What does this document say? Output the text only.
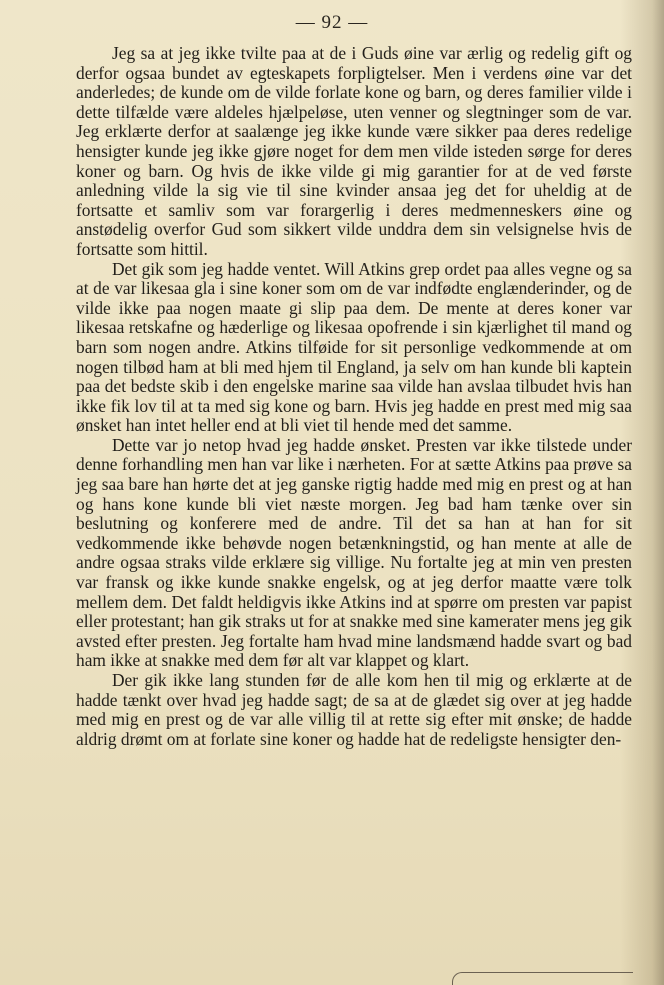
— 92 —

Jeg sa at jeg ikke tvilte paa at de i Guds øine var ærlig og redelig gift og derfor ogsaa bundet av egteskapets forpligtelser. Men i verdens øine var det anderledes; de kunde om de vilde forlate kone og barn, og deres familier vilde i dette tilfælde være aldeles hjælpeløse, uten venner og slegtninger som de var. Jeg erklærte derfor at saalænge jeg ikke kunde være sikker paa deres redelige hensigter kunde jeg ikke gjøre noget for dem men vilde isteden sørge for deres koner og barn. Og hvis de ikke vilde gi mig garantier for at de ved første anledning vilde la sig vie til sine kvinder ansaa jeg det for uheldig at de fortsatte et samliv som var forargerlig i deres medmenneskers øine og anstødelig overfor Gud som sikkert vilde unddra dem sin velsignelse hvis de fortsatte som hittil.

Det gik som jeg hadde ventet. Will Atkins grep ordet paa alles vegne og sa at de var likesaa gla i sine koner som om de var indfødte englænderinder, og de vilde ikke paa nogen maate gi slip paa dem. De mente at deres koner var likesaa retskafne og hæderlige og likesaa opofrende i sin kjærlighet til mand og barn som nogen andre. Atkins tilføide for sit personlige vedkommende at om nogen tilbød ham at bli med hjem til England, ja selv om han kunde bli kaptein paa det bedste skib i den engelske marine saa vilde han avslaa tilbudet hvis han ikke fik lov til at ta med sig kone og barn. Hvis jeg hadde en prest med mig saa ønsket han intet heller end at bli viet til hende med det samme.

Dette var jo netop hvad jeg hadde ønsket. Presten var ikke tilstede under denne forhandling men han var like i nærheten. For at sætte Atkins paa prøve sa jeg saa bare han hørte det at jeg ganske rigtig hadde med mig en prest og at han og hans kone kunde bli viet næste morgen. Jeg bad ham tænke over sin beslutning og konferere med de andre. Til det sa han at han for sit vedkommende ikke behøvde nogen betænkningstid, og han mente at alle de andre ogsaa straks vilde erklære sig villige. Nu fortalte jeg at min ven presten var fransk og ikke kunde snakke engelsk, og at jeg derfor maatte være tolk mellem dem. Det faldt heldigvis ikke Atkins ind at spørre om presten var papist eller protestant; han gik straks ut for at snakke med sine kamerater mens jeg gik avsted efter presten. Jeg fortalte ham hvad mine landsmænd hadde svart og bad ham ikke at snakke med dem før alt var klappet og klart.

Der gik ikke lang stunden før de alle kom hen til mig og erklærte at de hadde tænkt over hvad jeg hadde sagt; de sa at de glædet sig over at jeg hadde med mig en prest og de var alle villig til at rette sig efter mit ønske; de hadde aldrig drømt om at forlate sine koner og hadde hat de redeligste hensigter den-
